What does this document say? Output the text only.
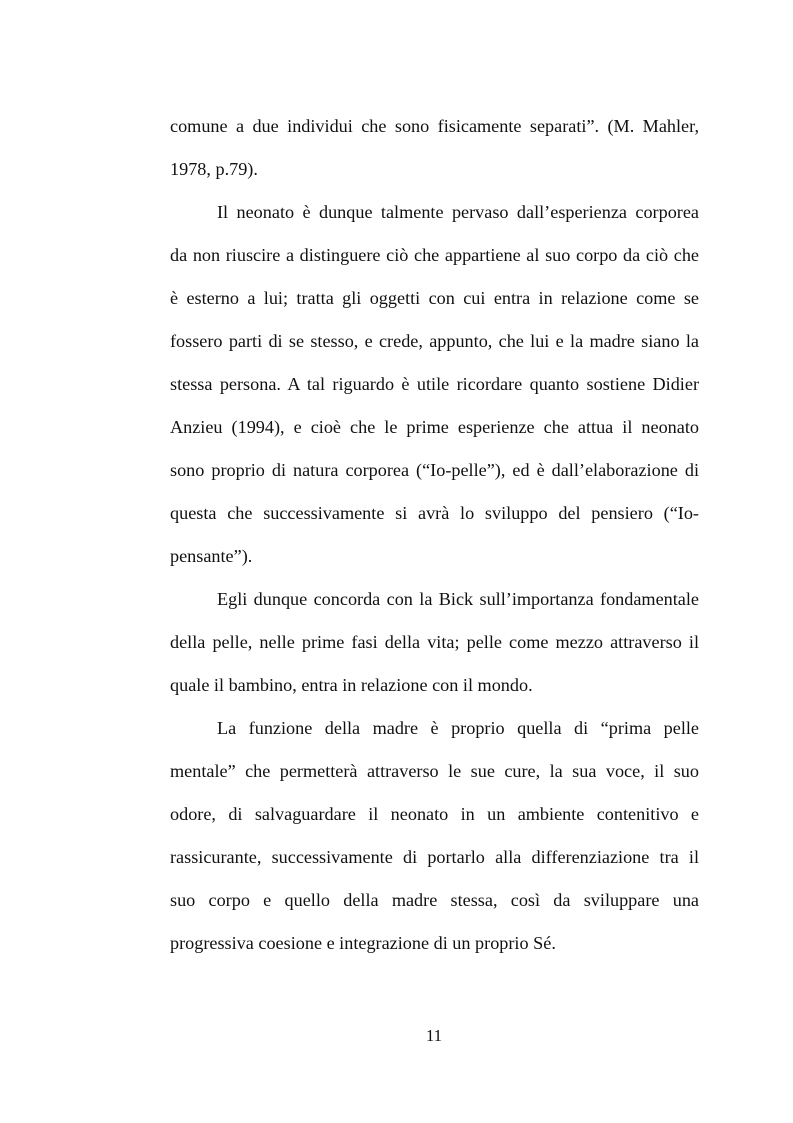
comune a due individui che sono fisicamente separati”. (M. Mahler,
1978, p.79).
Il neonato è dunque talmente pervaso dall’esperienza corporea
da non riuscire a distinguere ciò che appartiene al suo corpo da ciò che
è esterno a lui; tratta gli oggetti con cui entra in relazione come se
fossero parti di se stesso, e crede, appunto, che lui e la madre siano la
stessa persona. A tal riguardo è utile ricordare quanto sostiene Didier
Anzieu (1994), e cioè che le prime esperienze che attua il neonato
sono proprio di natura corporea (“Io-pelle”), ed è dall’elaborazione di
questa che successivamente si avrà lo sviluppo del pensiero (“Io-
pensante”).
Egli dunque concorda con la Bick sull’importanza fondamentale
della pelle, nelle prime fasi della vita; pelle come mezzo attraverso il
quale il bambino, entra in relazione con il mondo.
La funzione della madre è proprio quella di “prima pelle
mentale” che permetterà attraverso le sue cure, la sua voce, il suo
odore, di salvaguardare il neonato in un ambiente contenitivo e
rassicurante, successivamente di portarlo alla differenziazione tra il
suo corpo e quello della madre stessa, così da sviluppare una
progressiva coesione e integrazione di un proprio Sé.
11
